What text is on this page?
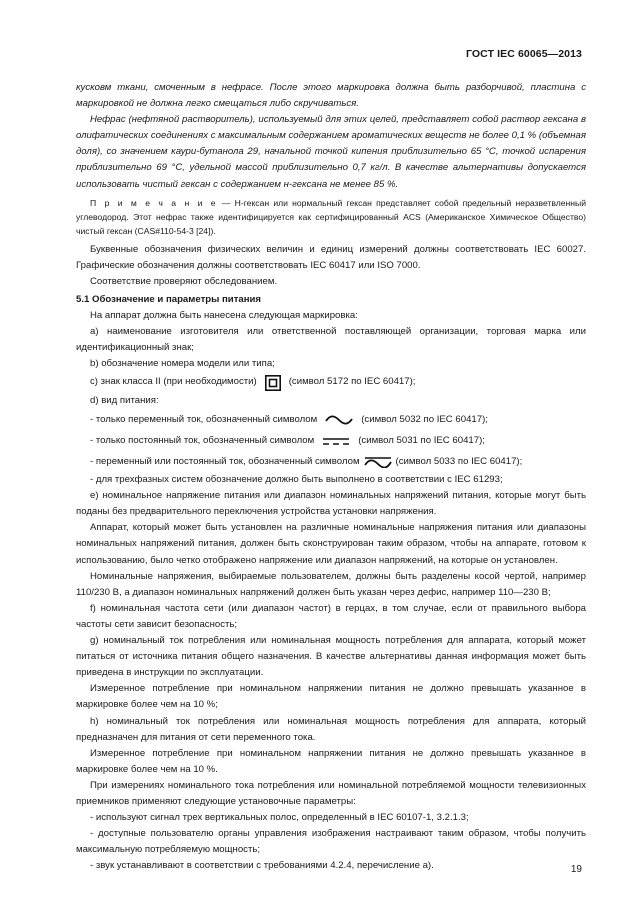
ГОСТ IEC 60065—2013

кусковм ткани, смоченным в нефрасе. После этого маркировка должна быть разборчивой, пластина с маркировкой не должна легко смещаться либо скручиваться.

Нефрас (нефтяной растворитель), используемый для этих целей, представляет собой раствор гексана в олифатических соединениях с максимальным содержанием ароматических веществ не более 0,1 % (объемная доля), со значением каури-бутанола 29, начальной точкой кипения приблизительно 65 °С, точкой испарения приблизительно 69 °С, удельной массой приблизительно 0,7 кг/л. В качестве альтернативы допускается использовать чистый гексан с содержанием н-гексана не менее 85 %.

П р и м е ч а н и е — Н-гексан или нормальный гексан представляет собой предельный неразветвленный углеводород. Этот нефрас также идентифицируется как сертифицированный ACS (Американское Химическое Общество) чистый гексан (CAS#110-54-3 [24]).

Буквенные обозначения физических величин и единиц измерений должны соответствовать IEC 60027. Графические обозначения должны соответствовать IEC 60417 или ISO 7000.

Соответствие проверяют обследованием.

5.1 Обозначение и параметры питания

На аппарат должна быть нанесена следующая маркировка:

а) наименование изготовителя или ответственной поставляющей организации, торговая марка или идентификационный знак;

b) обозначение номера модели или типа;

c) знак класса II (при необходимости)	(символ 5172 по IEC 60417);

d) вид питания:

- только переменный ток, обозначенный символом	(символ 5032 по IEC 60417);
- только постоянный ток, обозначенный символом	(символ 5031 по IEC 60417);
- переменный или постоянный ток, обозначенный символом	(символ 5033 по IEC 60417);

- для трехфазных систем обозначение должно быть выполнено в соответствии с IEC 61293;

е) номинальное напряжение питания или диапазон номинальных напряжений питания, которые могут быть поданы без предварительного переключения устройства установки напряжения.

Аппарат, который может быть установлен на различные номинальные напряжения питания или диапазоны номинальных напряжений питания, должен быть сконструирован таким образом, чтобы на аппарате, готовом к использованию, было четко отображено напряжение или диапазон напряжений, на которые он установлен.

Номинальные напряжения, выбираемые пользователем, должны быть разделены косой чертой, например 110/230 В, а диапазон номинальных напряжений должен быть указан через дефис, например 110—230 В;

f) номинальная частота сети (или диапазон частот) в герцах, в том случае, если от правильного выбора частоты сети зависит безопасность;

g) номинальный ток потребления или номинальная мощность потребления для аппарата, который может питаться от источника питания общего назначения. В качестве альтернативы данная информация может быть приведена в инструкции по эксплуатации.

Измеренное потребление при номинальном напряжении питания не должно превышать указанное в маркировке более чем на 10 %;

h) номинальный ток потребления или номинальная мощность потребления для аппарата, который предназначен для питания от сети переменного тока.

Измеренное потребление при номинальном напряжении питания не должно превышать указанное в маркировке более чем на 10 %.

При измерениях номинального тока потребления или номинальной потребляемой мощности телевизионных приемников применяют следующие установочные параметры:

- используют сигнал трех вертикальных полос, определенный в IEC 60107-1, 3.2.1.3;

- доступные пользователю органы управления изображения настраивают таким образом, чтобы получить максимальную потребляемую мощность;

- звук устанавливают в соответствии с требованиями 4.2.4, перечисление а).	19
